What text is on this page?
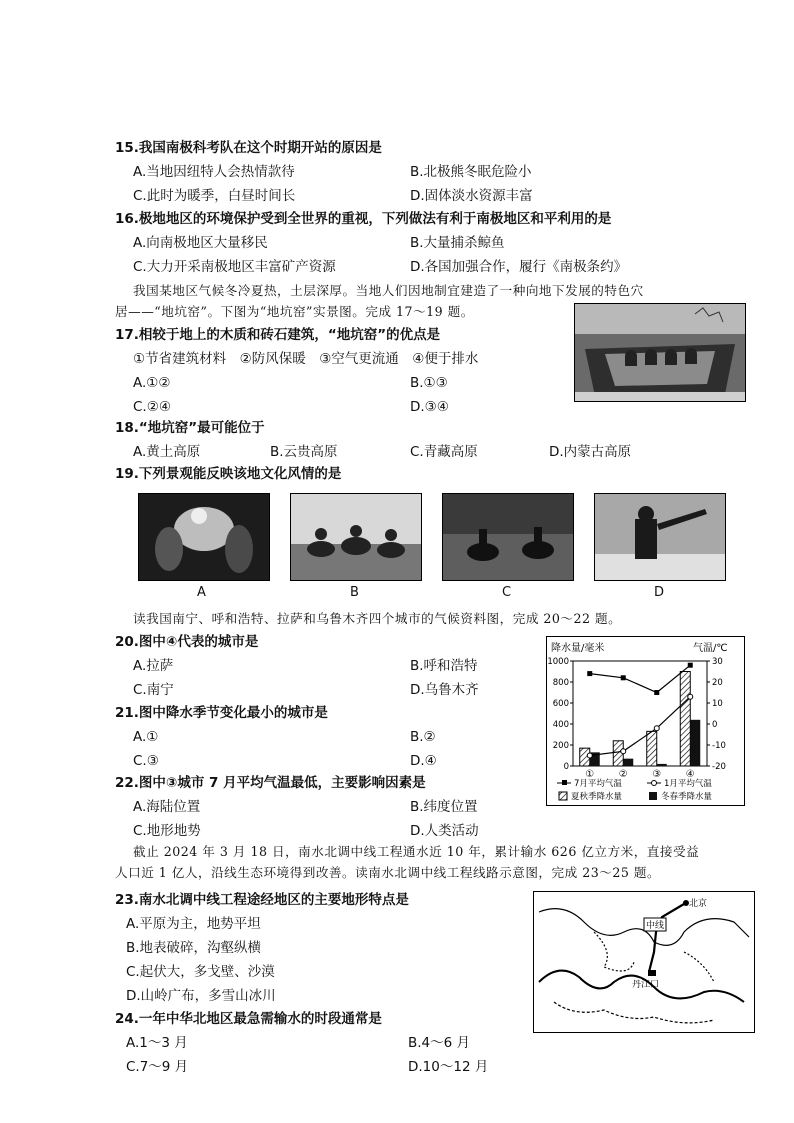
15.我国南极科考队在这个时期开站的原因是
A.当地因纽特人会热情款待	B.北极熊冬眠危险小
C.此时为暖季，白昼时间长	D.固体淡水资源丰富
16.极地地区的环境保护受到全世界的重视，下列做法有利于南极地区和平利用的是
A.向南极地区大量移民	B.大量捕杀鲸鱼
C.大力开采南极地区丰富矿产资源	D.各国加强合作，履行《南极条约》
我国某地区气候冬冷夏热，土层深厚。当地人们因地制宜建造了一种向地下发展的特色穴
居——“地坑窑”。下图为“地坑窑”实景图。完成 17～19 题。
17.相较于地上的木质和砖石建筑，“地坑窑”的优点是
①节省建筑材料　②防风保暖　③空气更流通　④便于排水
A.①②	B.①③
C.②④	D.③④
18.“地坑窑”最可能位于
A.黄土高原	B.云贵高原	C.青藏高原	D.内蒙古高原
19.下列景观能反映该地文化风情的是
A	B	C	D
读我国南宁、呼和浩特、拉萨和乌鲁木齐四个城市的气候资料图，完成 20～22 题。
20.图中④代表的城市是
A.拉萨	B.呼和浩特
C.南宁	D.乌鲁木齐
21.图中降水季节变化最小的城市是
A.①	B.②
C.③	D.④
22.图中③城市 7 月平均气温最低，主要影响因素是
A.海陆位置	B.纬度位置
C.地形地势	D.人类活动
降水量/毫米	气温/℃
0
200
400
600
800
1000
-20
-10
0
10
20
30
① ② ③ ④
7月平均气温	1月平均气温
夏秋季降水量	冬春季降水量
截止 2024 年 3 月 18 日，南水北调中线工程通水近 10 年，累计输水 626 亿立方米，直接受益
人口近 1 亿人，沿线生态环境得到改善。读南水北调中线工程线路示意图，完成 23～25 题。
23.南水北调中线工程途经地区的主要地形特点是
A.平原为主，地势平坦
B.地表破碎，沟壑纵横
C.起伏大，多戈壁、沙漠
D.山岭广布，多雪山冰川
北京
中线
丹江口
24.一年中华北地区最急需输水的时段通常是
A.1～3 月	B.4～6 月
C.7～9 月	D.10～12 月
